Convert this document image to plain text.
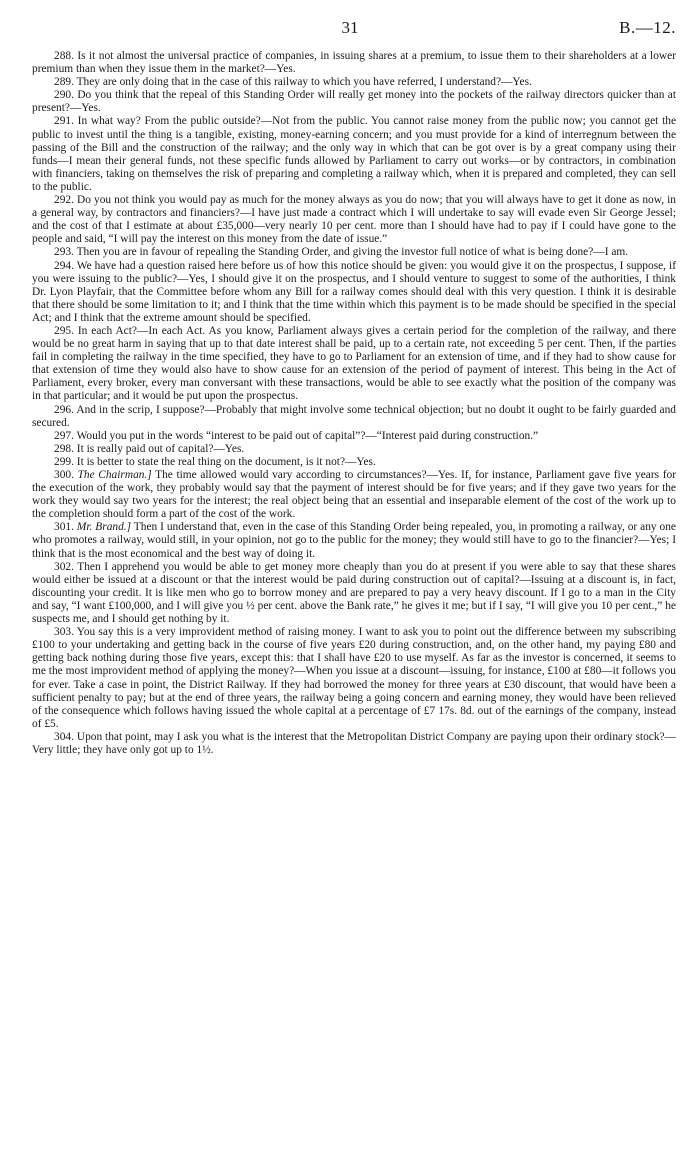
31	B.—12.

288. Is it not almost the universal practice of companies, in issuing shares at a premium, to issue them to their shareholders at a lower premium than when they issue them in the market?—Yes.

289. They are only doing that in the case of this railway to which you have referred, I understand?—Yes.

290. Do you think that the repeal of this Standing Order will really get money into the pockets of the railway directors quicker than at present?—Yes.

291. In what way? From the public outside?—Not from the public. You cannot raise money from the public now; you cannot get the public to invest until the thing is a tangible, existing, money-earning concern; and you must provide for a kind of interregnum between the passing of the Bill and the construction of the railway; and the only way in which that can be got over is by a great company using their funds—I mean their general funds, not these specific funds allowed by Parliament to carry out works—or by contractors, in combination with financiers, taking on themselves the risk of preparing and completing a railway which, when it is prepared and completed, they can sell to the public.

292. Do you not think you would pay as much for the money always as you do now; that you will always have to get it done as now, in a general way, by contractors and financiers?—I have just made a contract which I will undertake to say will evade even Sir George Jessel; and the cost of that I estimate at about £35,000—very nearly 10 per cent. more than I should have had to pay if I could have gone to the people and said, “I will pay the interest on this money from the date of issue.”

293. Then you are in favour of repealing the Standing Order, and giving the investor full notice of what is being done?—I am.

294. We have had a question raised here before us of how this notice should be given: you would give it on the prospectus, I suppose, if you were issuing to the public?—Yes, I should give it on the prospectus, and I should venture to suggest to some of the authorities, I think Dr. Lyon Playfair, that the Committee before whom any Bill for a railway comes should deal with this very question. I think it is desirable that there should be some limitation to it; and I think that the time within which this payment is to be made should be specified in the special Act; and I think that the extreme amount should be specified.

295. In each Act?—In each Act. As you know, Parliament always gives a certain period for the completion of the railway, and there would be no great harm in saying that up to that date interest shall be paid, up to a certain rate, not exceeding 5 per cent. Then, if the parties fail in completing the railway in the time specified, they have to go to Parliament for an extension of time, and if they had to show cause for that extension of time they would also have to show cause for an extension of the period of payment of interest. This being in the Act of Parliament, every broker, every man conversant with these transactions, would be able to see exactly what the position of the company was in that particular; and it would be put upon the prospectus.

296. And in the scrip, I suppose?—Probably that might involve some technical objection; but no doubt it ought to be fairly guarded and secured.

297. Would you put in the words “interest to be paid out of capital”?—“Interest paid during construction.”

298. It is really paid out of capital?—Yes.

299. It is better to state the real thing on the document, is it not?—Yes.

300. The Chairman.] The time allowed would vary according to circumstances?—Yes. If, for instance, Parliament gave five years for the execution of the work, they probably would say that the payment of interest should be for five years; and if they gave two years for the work they would say two years for the interest; the real object being that an essential and inseparable element of the cost of the work up to the completion should form a part of the cost of the work.

301. Mr. Brand.] Then I understand that, even in the case of this Standing Order being repealed, you, in promoting a railway, or any one who promotes a railway, would still, in your opinion, not go to the public for the money; they would still have to go to the financier?—Yes; I think that is the most economical and the best way of doing it.

302. Then I apprehend you would be able to get money more cheaply than you do at present if you were able to say that these shares would either be issued at a discount or that the interest would be paid during construction out of capital?—Issuing at a discount is, in fact, discounting your credit. It is like men who go to borrow money and are prepared to pay a very heavy discount. If I go to a man in the City and say, “I want £100,000, and I will give you ½ per cent. above the Bank rate,” he gives it me; but if I say, “I will give you 10 per cent.,” he suspects me, and I should get nothing by it.

303. You say this is a very improvident method of raising money. I want to ask you to point out the difference between my subscribing £100 to your undertaking and getting back in the course of five years £20 during construction, and, on the other hand, my paying £80 and getting back nothing during those five years, except this: that I shall have £20 to use myself. As far as the investor is concerned, it seems to me the most improvident method of applying the money?—When you issue at a discount—issuing, for instance, £100 at £80—it follows you for ever. Take a case in point, the District Railway. If they had borrowed the money for three years at £30 discount, that would have been a sufficient penalty to pay; but at the end of three years, the railway being a going concern and earning money, they would have been relieved of the consequence which follows having issued the whole capital at a percentage of £7 17s. 8d. out of the earnings of the company, instead of £5.

304. Upon that point, may I ask you what is the interest that the Metropolitan District Company are paying upon their ordinary stock?—Very little; they have only got up to 1½.
